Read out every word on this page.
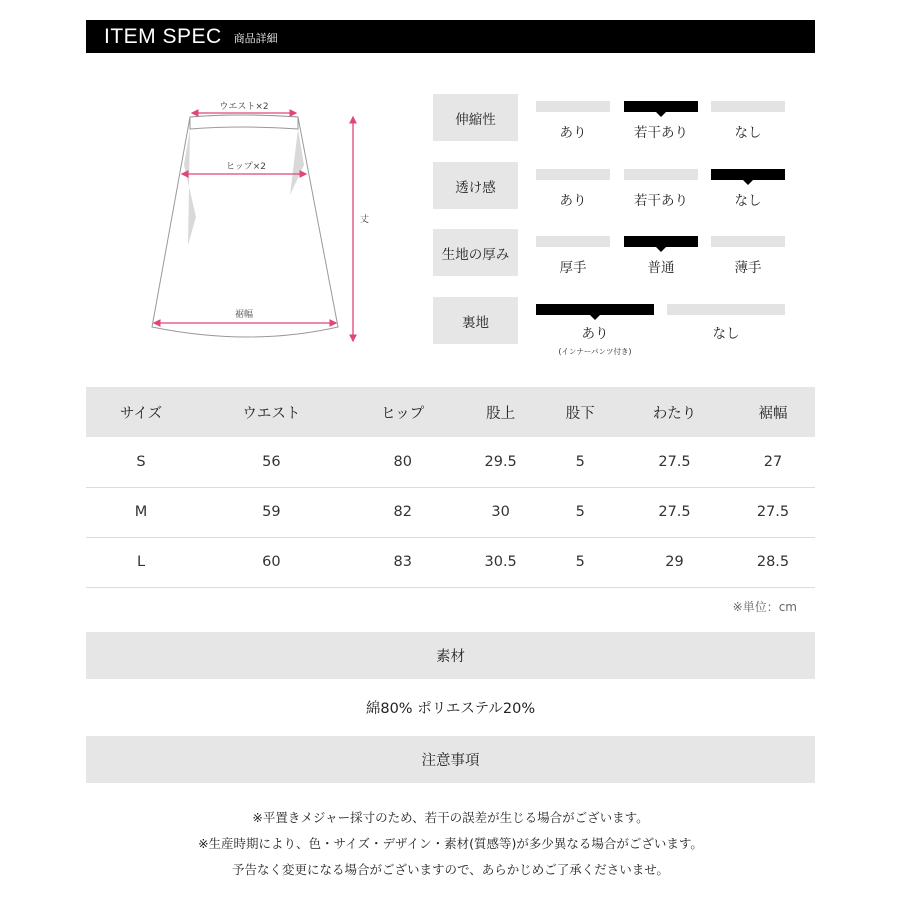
ITEM SPEC 商品詳細
ウエスト×2
ヒップ×2
丈
裾幅
伸縮性
あり	若干あり	なし
透け感
あり	若干あり	なし
生地の厚み
厚手	普通	薄手
裏地
あり
(インナーパンツ付き)
なし
サイズ	ウエスト	ヒップ	股上	股下	わたり	裾幅
S	56	80	29.5	5	27.5	27
M	59	82	30	5	27.5	27.5
L	60	83	30.5	5	29	28.5
※単位：cm
素材
綿80% ポリエステル20%
注意事項

※平置きメジャー採寸のため、若干の誤差が生じる場合がございます。

※生産時期により、色・サイズ・デザイン・素材(質感等)が多少異なる場合がございます。

予告なく変更になる場合がございますので、あらかじめご了承くださいませ。
